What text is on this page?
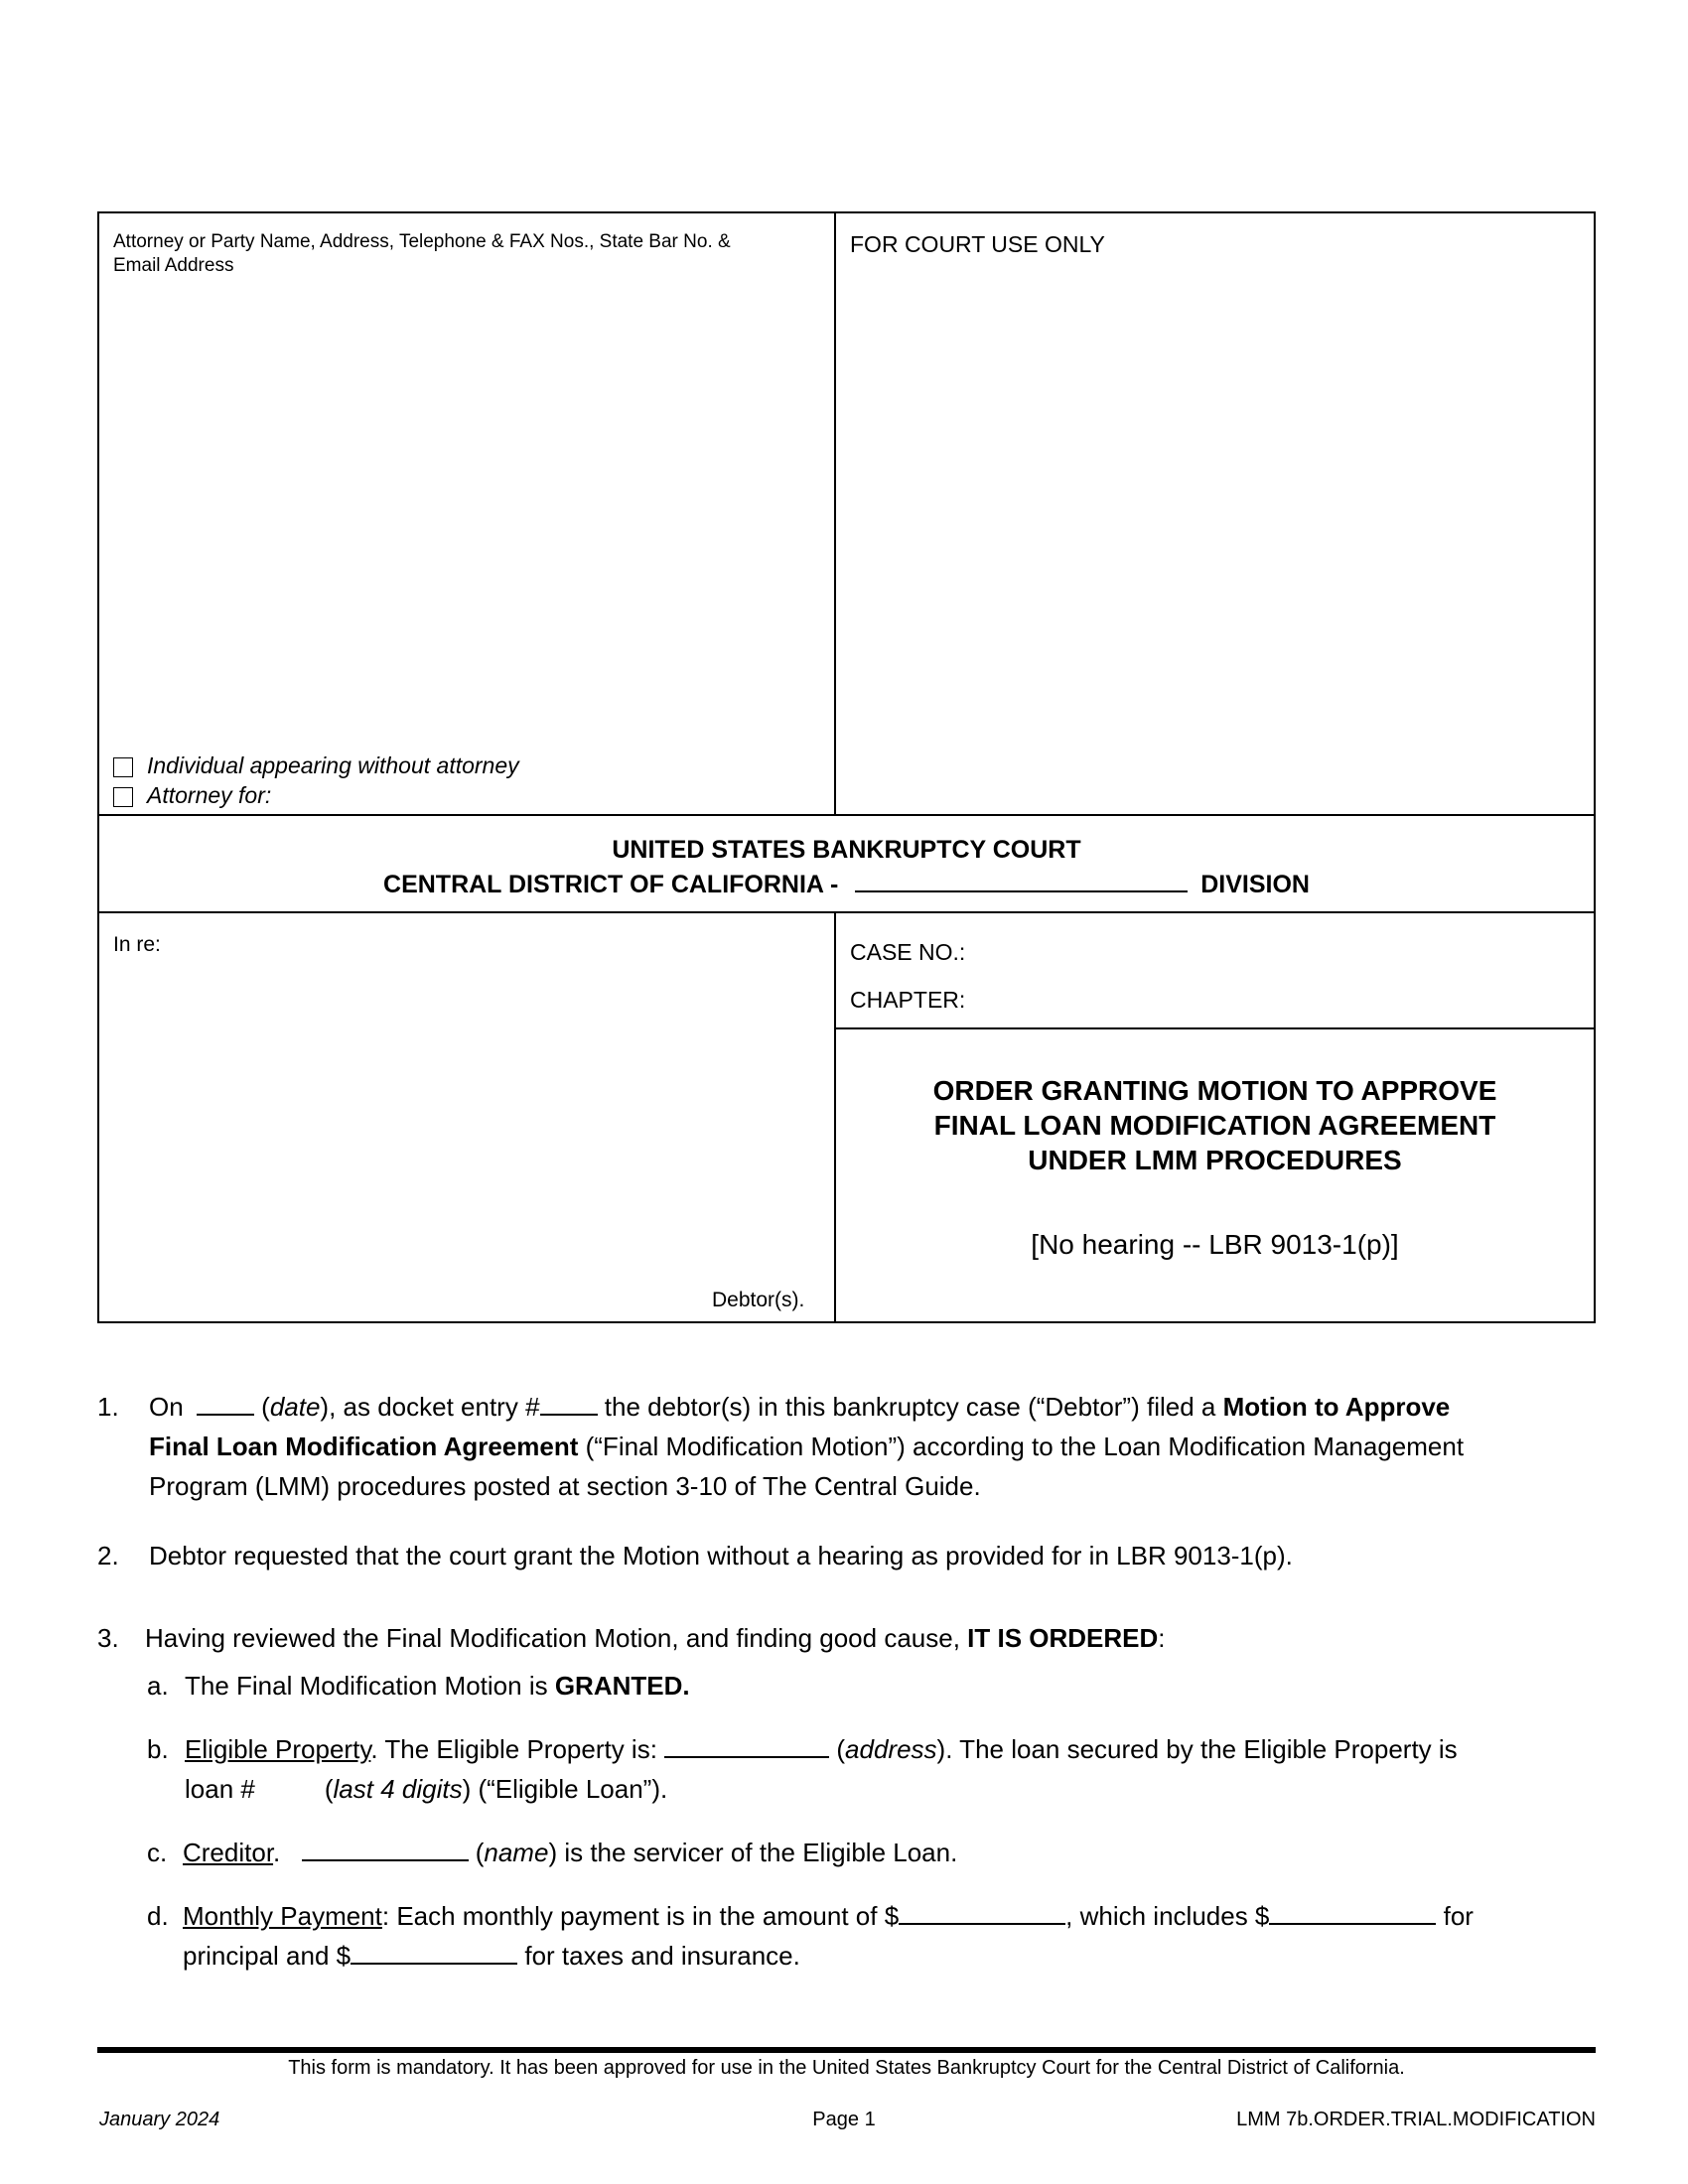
Attorney or Party Name, Address, Telephone & FAX Nos., State Bar No. &
Email Address
FOR COURT USE ONLY
Individual appearing without attorney
Attorney for:
UNITED STATES BANKRUPTCY COURT
CENTRAL DISTRICT OF CALIFORNIA -	DIVISION
In re:
Debtor(s).
CASE NO.:
CHAPTER:
ORDER GRANTING MOTION TO APPROVE
FINAL LOAN MODIFICATION AGREEMENT
UNDER LMM PROCEDURES
[No hearing -- LBR 9013-1(p)]
1. On	(date), as docket entry # the debtor(s) in this bankruptcy case (“Debtor”) filed a Motion to Approve
Final Loan Modification Agreement (“Final Modification Motion”) according to the Loan Modification Management
Program (LMM) procedures posted at section 3-10 of The Central Guide.
2. Debtor requested that the court grant the Motion without a hearing as provided for in LBR 9013-1(p).
3. Having reviewed the Final Modification Motion, and finding good cause, IT IS ORDERED:
a. The Final Modification Motion is GRANTED.
b. Eligible Property. The Eligible Property is:	(address). The loan secured by the Eligible Property is
loan #	(last 4 digits) (“Eligible Loan”).
c. Creditor.	(name) is the servicer of the Eligible Loan.
d. Monthly Payment: Each monthly payment is in the amount of $	, which includes $	for
principal and $	for taxes and insurance.
This form is mandatory. It has been approved for use in the United States Bankruptcy Court for the Central District of California.
January 2024	Page 1	LMM 7b.ORDER.TRIAL.MODIFICATION
